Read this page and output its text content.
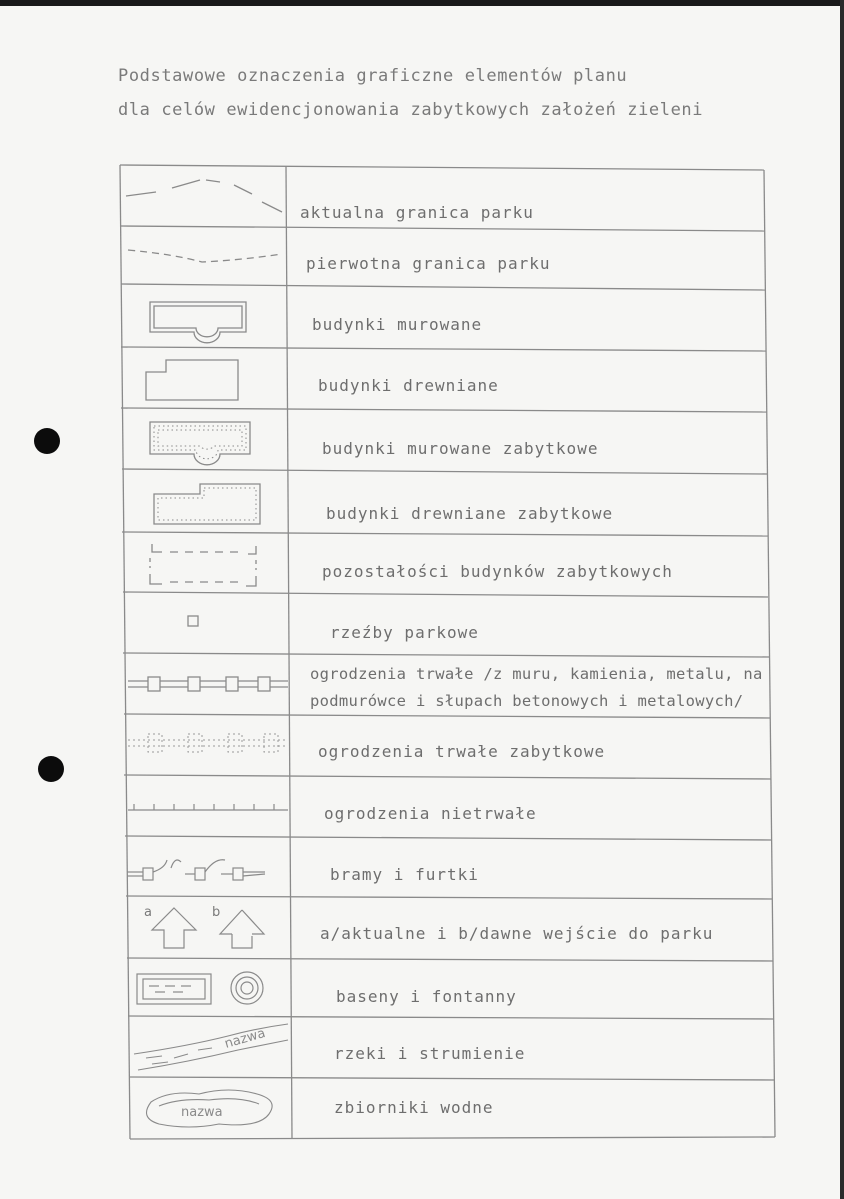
Podstawowe oznaczenia graficzne elementów planu
dla celów ewidencjonowania zabytkowych założeń zieleni
aktualna granica parku
pierwotna granica parku
budynki murowane
budynki drewniane
budynki murowane zabytkowe
budynki drewniane zabytkowe
pozostałości budynków zabytkowych
rzeźby parkowe
ogrodzenia trwałe /z muru, kamienia, metalu, na
podmurówce i słupach betonowych i metalowych/
ogrodzenia trwałe zabytkowe
ogrodzenia nietrwałe
bramy i furtki
a	b
a/aktualne i b/dawne wejście do parku
baseny i fontanny
nazwa
rzeki i strumienie
nazwa	zbiorniki wodne
